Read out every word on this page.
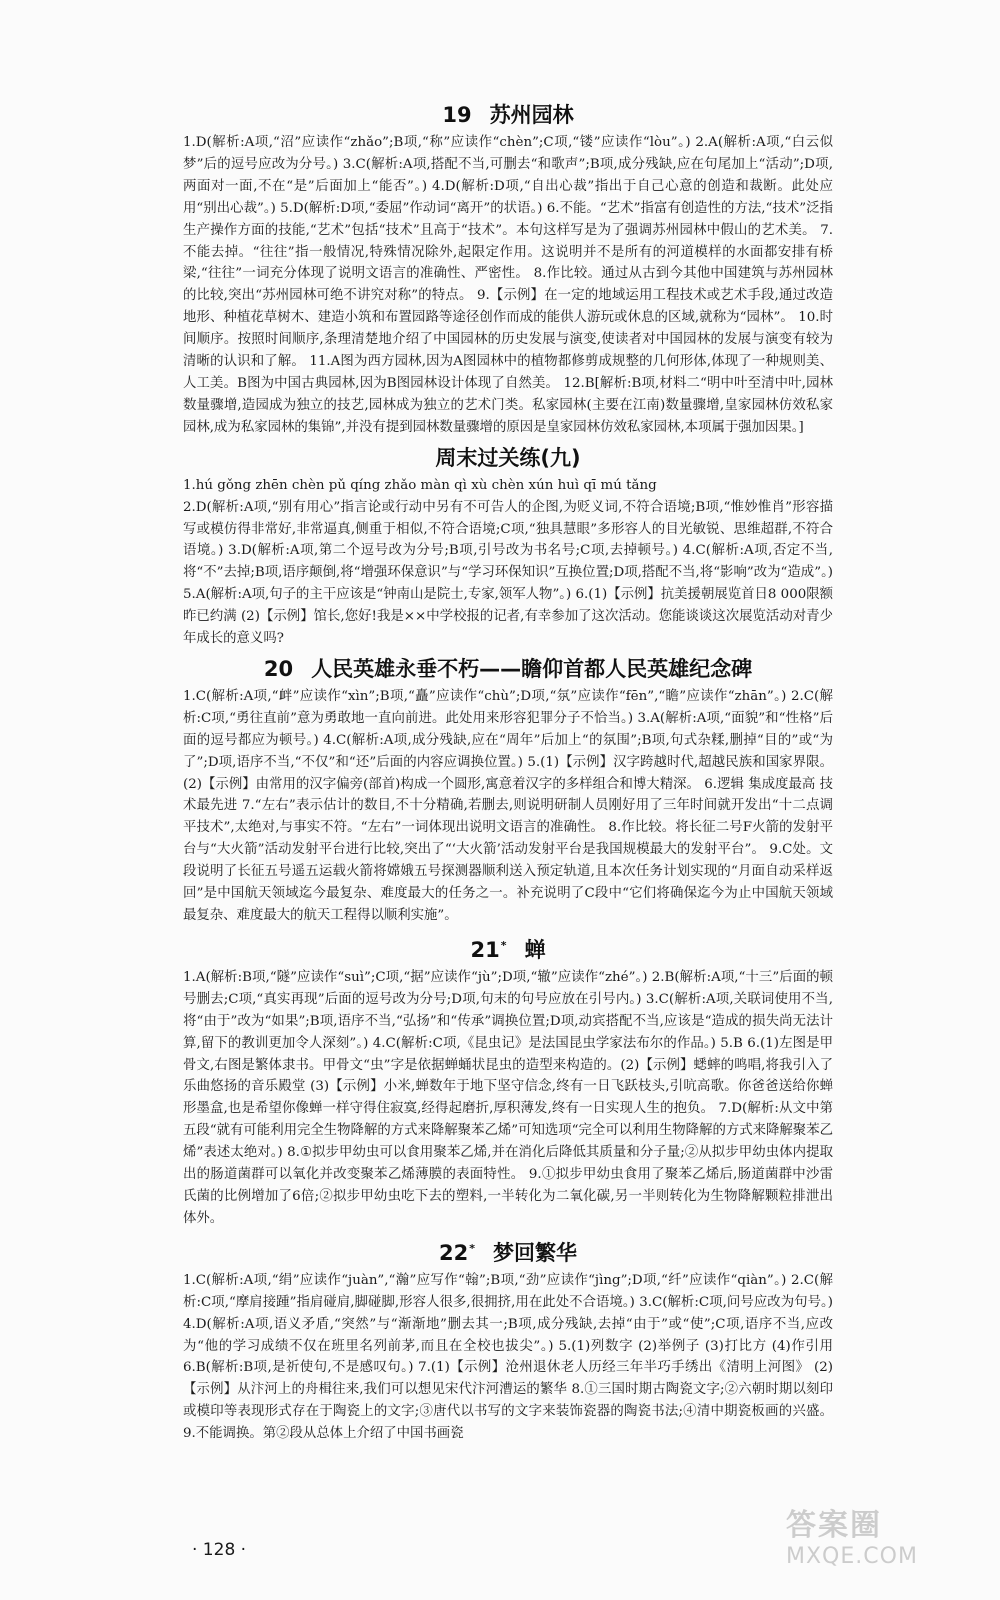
19 苏州园林

1.D(解析:A项,“沼”应读作“zhǎo”;B项,“称”应读作“chèn”;C项,“镂”应读作“lòu”。) 2.A(解析:A项,“白云似梦”后的逗号应改为分号。) 3.C(解析:A项,搭配不当,可删去“和歌声”;B项,成分残缺,应在句尾加上“活动”;D项,两面对一面,不在“是”后面加上“能否”。) 4.D(解析:D项,“自出心裁”指出于自己心意的创造和裁断。此处应用“别出心裁”。) 5.D(解析:D项,“委屈”作动词“离开”的状语。) 6.不能。“艺术”指富有创造性的方法,“技术”泛指生产操作方面的技能,“艺术”包括“技术”且高于“技术”。本句这样写是为了强调苏州园林中假山的艺术美。 7.不能去掉。“往往”指一般情况,特殊情况除外,起限定作用。这说明并不是所有的河道模样的水面都安排有桥梁,“往往”一词充分体现了说明文语言的准确性、严密性。 8.作比较。通过从古到今其他中国建筑与苏州园林的比较,突出“苏州园林可绝不讲究对称”的特点。 9.【示例】在一定的地域运用工程技术或艺术手段,通过改造地形、种植花草树木、建造小筑和布置园路等途径创作而成的能供人游玩或休息的区域,就称为“园林”。 10.时间顺序。按照时间顺序,条理清楚地介绍了中国园林的历史发展与演变,使读者对中国园林的发展与演变有较为清晰的认识和了解。 11.A图为西方园林,因为A图园林中的植物都修剪成规整的几何形体,体现了一种规则美、人工美。B图为中国古典园林,因为B图园林设计体现了自然美。 12.B[解析:B项,材料二“明中叶至清中叶,园林数量骤增,造园成为独立的技艺,园林成为独立的艺术门类。私家园林(主要在江南)数量骤增,皇家园林仿效私家园林,成为私家园林的集锦”,并没有提到园林数量骤增的原因是皇家园林仿效私家园林,本项属于强加因果。]

周末过关练(九)

1.hú gǒng zhēn chèn pǔ qíng zhǎo màn qì xù chèn xún huì qī mú tǎng

2.D(解析:A项,“别有用心”指言论或行动中另有不可告人的企图,为贬义词,不符合语境;B项,“惟妙惟肖”形容描写或模仿得非常好,非常逼真,侧重于相似,不符合语境;C项,“独具慧眼”多形容人的目光敏锐、思维超群,不符合语境。) 3.D(解析:A项,第二个逗号改为分号;B项,引号改为书名号;C项,去掉顿号。) 4.C(解析:A项,否定不当,将“不”去掉;B项,语序颠倒,将“增强环保意识”与“学习环保知识”互换位置;D项,搭配不当,将“影响”改为“造成”。) 5.A(解析:A项,句子的主干应该是“钟南山是院士,专家,领军人物”。) 6.(1)【示例】抗美援朝展览首日8 000限额昨已约满 (2)【示例】馆长,您好!我是××中学校报的记者,有幸参加了这次活动。您能谈谈这次展览活动对青少年成长的意义吗?

20 人民英雄永垂不朽——瞻仰首都人民英雄纪念碑

1.C(解析:A项,“衅”应读作“xìn”;B项,“矗”应读作“chù”;D项,“氛”应读作“fēn”,“瞻”应读作“zhān”。) 2.C(解析:C项,“勇往直前”意为勇敢地一直向前进。此处用来形容犯罪分子不恰当。) 3.A(解析:A项,“面貌”和“性格”后面的逗号都应为顿号。) 4.C(解析:A项,成分残缺,应在“周年”后加上“的氛围”;B项,句式杂糅,删掉“目的”或“为了”;D项,语序不当,“不仅”和“还”后面的内容应调换位置。) 5.(1)【示例】汉字跨越时代,超越民族和国家界限。(2)【示例】由常用的汉字偏旁(部首)构成一个圆形,寓意着汉字的多样组合和博大精深。 6.逻辑 集成度最高 技术最先进 7.“左右”表示估计的数目,不十分精确,若删去,则说明研制人员刚好用了三年时间就开发出“十二点调平技术”,太绝对,与事实不符。“左右”一词体现出说明文语言的准确性。 8.作比较。将长征二号F火箭的发射平台与“大火箭”活动发射平台进行比较,突出了“‘大火箭’活动发射平台是我国规模最大的发射平台”。 9.C处。文段说明了长征五号遥五运载火箭将嫦娥五号探测器顺利送入预定轨道,且本次任务计划实现的“月面自动采样返回”是中国航天领域迄今最复杂、难度最大的任务之一。补充说明了C段中“它们将确保迄今为止中国航天领域最复杂、难度最大的航天工程得以顺利实施”。

21* 蝉

1.A(解析:B项,“隧”应读作“suì”;C项,“据”应读作“jù”;D项,“辙”应读作“zhé”。) 2.B(解析:A项,“十三”后面的顿号删去;C项,“真实再现”后面的逗号改为分号;D项,句末的句号应放在引号内。) 3.C(解析:A项,关联词使用不当,将“由于”改为“如果”;B项,语序不当,“弘扬”和“传承”调换位置;D项,动宾搭配不当,应该是“造成的损失尚无法计算,留下的教训更加令人深刻”。) 4.C(解析:C项,《昆虫记》是法国昆虫学家法布尔的作品。) 5.B 6.(1)左图是甲骨文,右图是繁体隶书。甲骨文“虫”字是依据蝉蛹状昆虫的造型来构造的。(2)【示例】蟋蟀的鸣唱,将我引入了乐曲悠扬的音乐殿堂 (3)【示例】小米,蝉数年于地下坚守信念,终有一日飞跃枝头,引吭高歌。你爸爸送给你蝉形墨盒,也是希望你像蝉一样守得住寂寞,经得起磨折,厚积薄发,终有一日实现人生的抱负。 7.D(解析:从文中第五段“就有可能利用完全生物降解的方式来降解聚苯乙烯”可知选项“完全可以利用生物降解的方式来降解聚苯乙烯”表述太绝对。) 8.①拟步甲幼虫可以食用聚苯乙烯,并在消化后降低其质量和分子量;②从拟步甲幼虫体内提取出的肠道菌群可以氧化并改变聚苯乙烯薄膜的表面特性。 9.①拟步甲幼虫食用了聚苯乙烯后,肠道菌群中沙雷氏菌的比例增加了6倍;②拟步甲幼虫吃下去的塑料,一半转化为二氧化碳,另一半则转化为生物降解颗粒排泄出体外。

22* 梦回繁华

1.C(解析:A项,“绢”应读作“juàn”,“瀚”应写作“翰”;B项,“劲”应读作“jìng”;D项,“纤”应读作“qiàn”。) 2.C(解析:C项,“摩肩接踵”指肩碰肩,脚碰脚,形容人很多,很拥挤,用在此处不合语境。) 3.C(解析:C项,问号应改为句号。) 4.D(解析:A项,语义矛盾,“突然”与“渐渐地”删去其一;B项,成分残缺,去掉“由于”或“使”;C项,语序不当,应改为“他的学习成绩不仅在班里名列前茅,而且在全校也拔尖”。) 5.(1)列数字 (2)举例子 (3)打比方 (4)作引用 6.B(解析:B项,是祈使句,不是感叹句。) 7.(1)【示例】沧州退休老人历经三年半巧手绣出《清明上河图》 (2)【示例】从汴河上的舟楫往来,我们可以想见宋代汴河漕运的繁华 8.①三国时期古陶瓷文字;②六朝时期以刻印或模印等表现形式存在于陶瓷上的文字;③唐代以书写的文字来装饰瓷器的陶瓷书法;④清中期瓷板画的兴盛。 9.不能调换。第②段从总体上介绍了中国书画瓷

· 128 ·
答案圈
MXQE.COM
